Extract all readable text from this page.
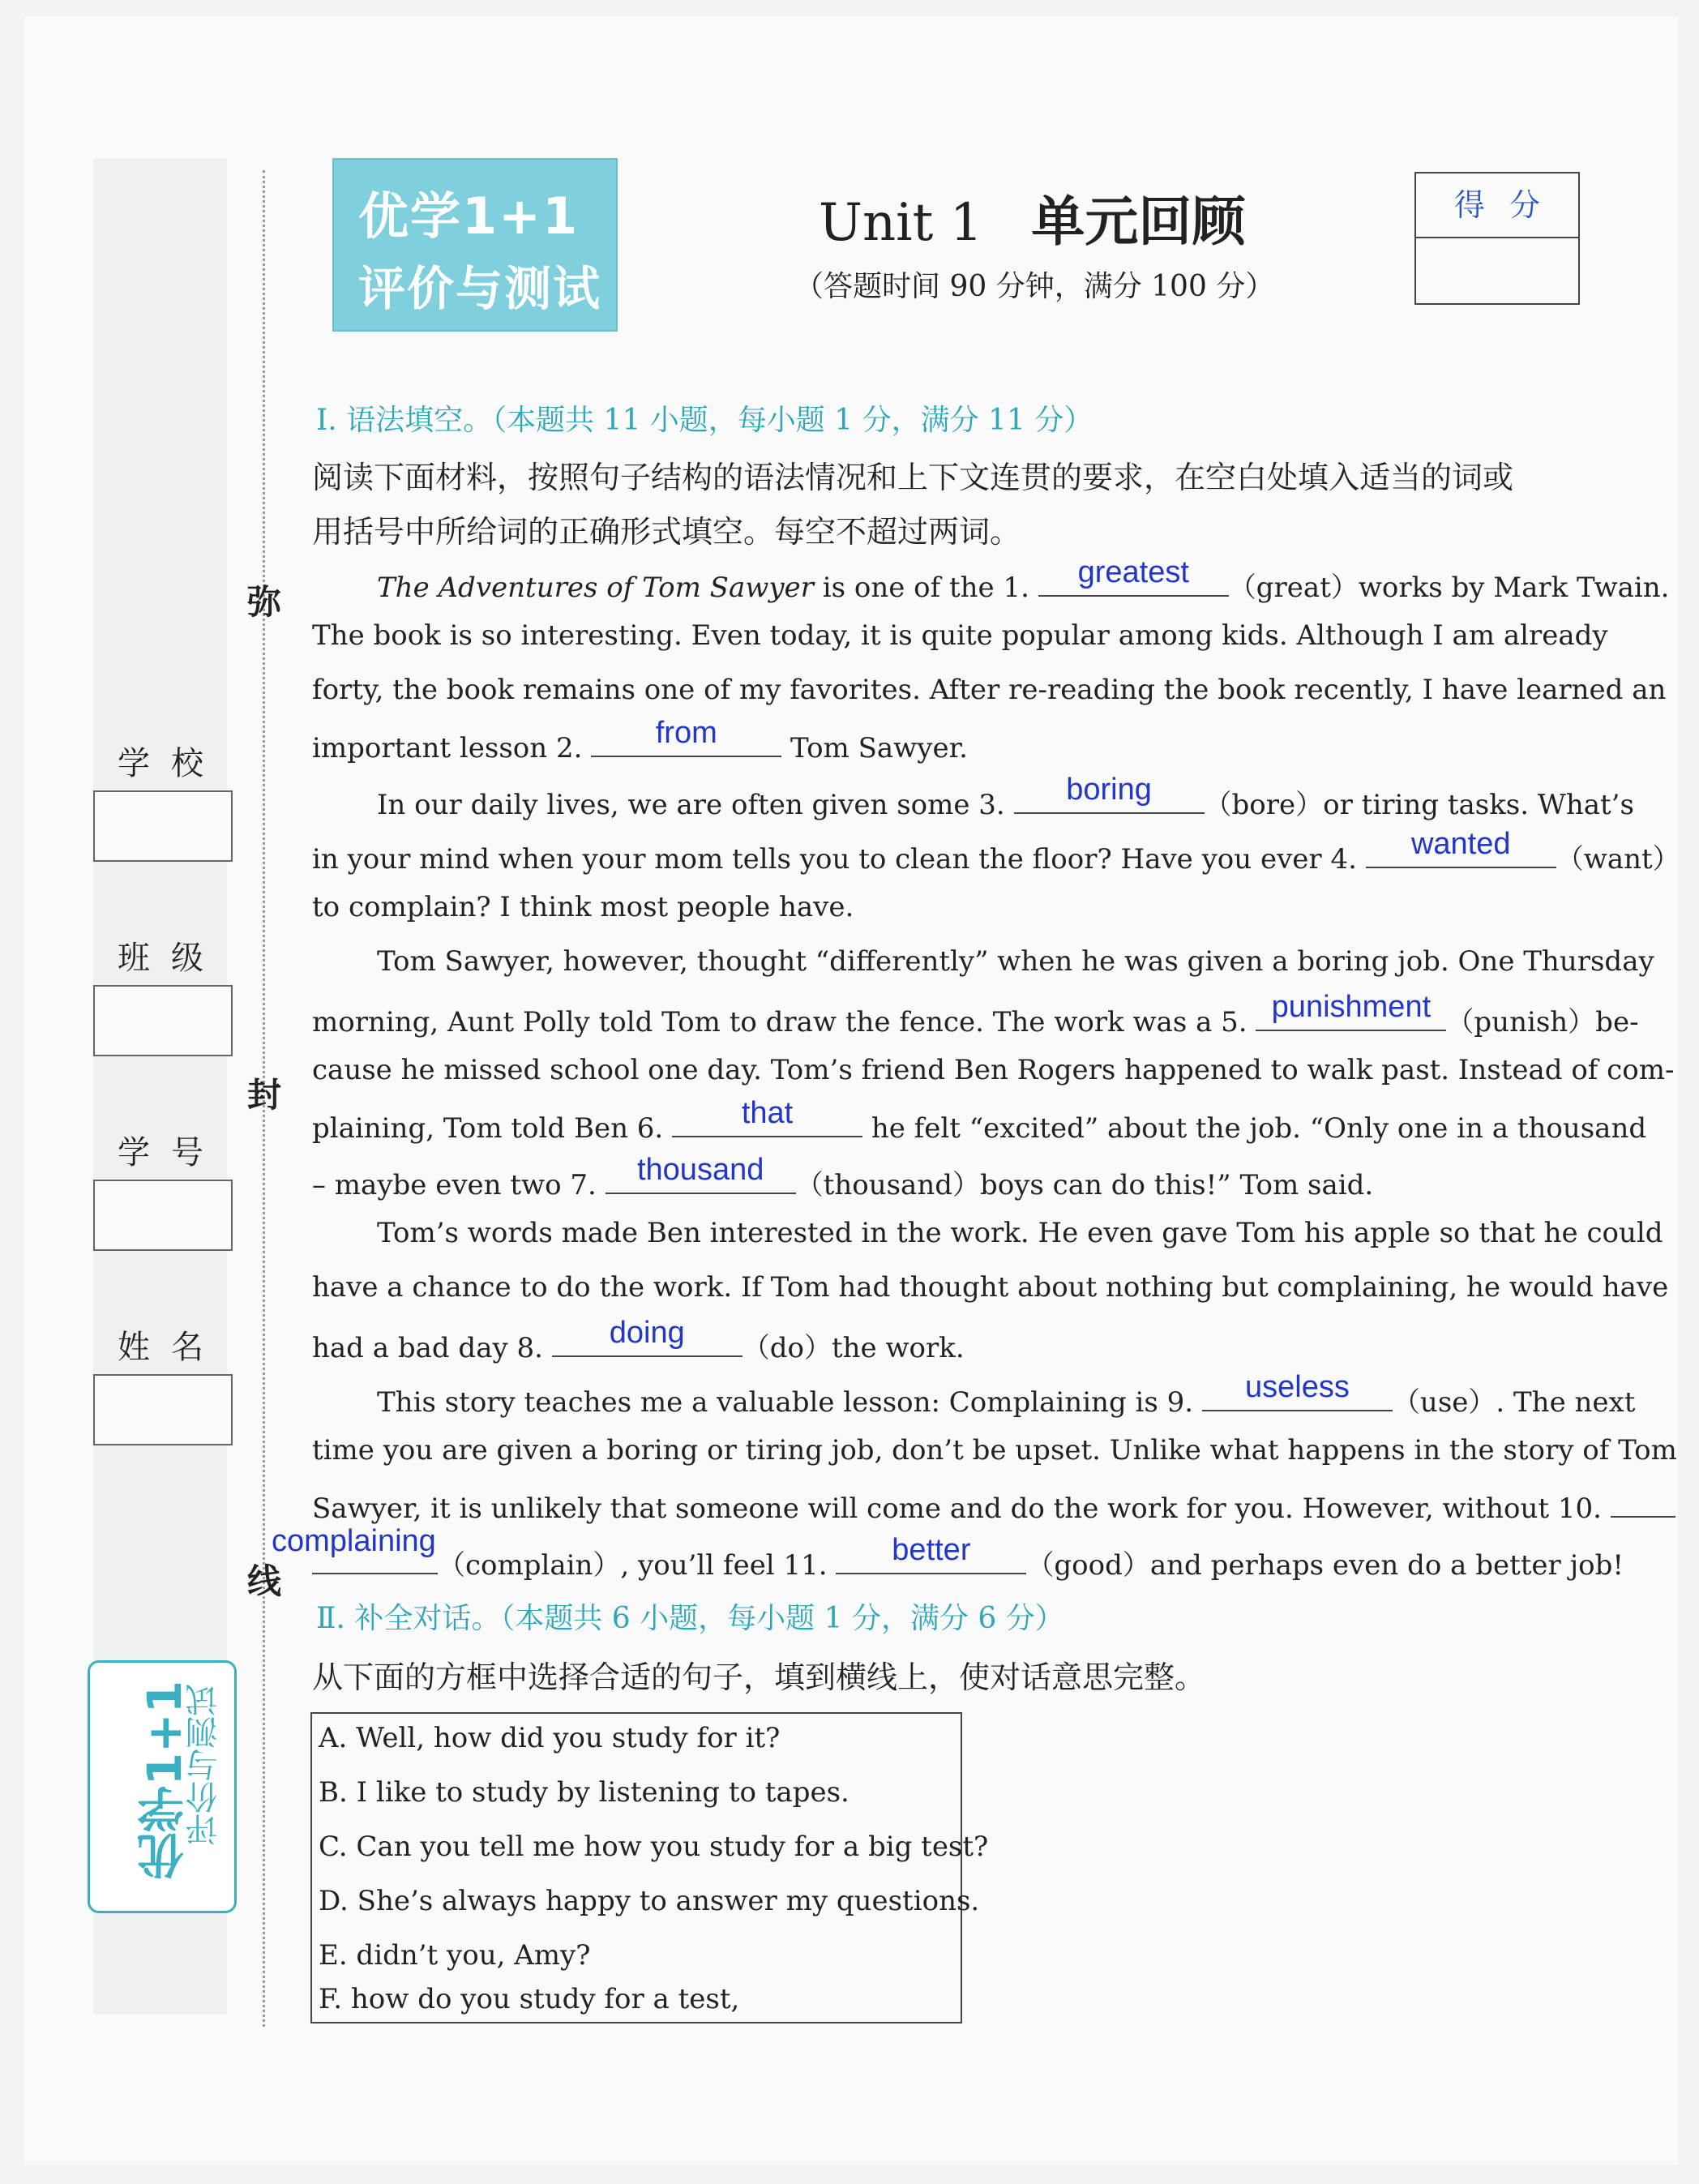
弥
封
线
学校
班级
学号
姓名
优学1+1
评价与测试
优学1+1
评价与测试
Unit 1 单元回顾
（答题时间 90 分钟，满分 100 分）
得分
Ⅰ. 语法填空。（本题共 11 小题，每小题 1 分，满分 11 分）
阅读下面材料，按照句子结构的语法情况和上下文连贯的要求，在空白处填入适当的词或
用括号中所给词的正确形式填空。每空不超过两词。
The Adventures of Tom Sawyer is one of the 1.	greatest	（great）works by Mark Twain.
The book is so interesting. Even today, it is quite popular among kids. Although I am already
forty, the book remains one of my favorites. After re-reading the book recently, I have learned an
important lesson 2.	from	Tom Sawyer.
In our daily lives, we are often given some 3.	boring	（bore）or tiring tasks. What’s
in your mind when your mom tells you to clean the floor? Have you ever 4.	wanted	（want）
to complain? I think most people have.
Tom Sawyer, however, thought “differently” when he was given a boring job. One Thursday
morning, Aunt Polly told Tom to draw the fence. The work was a 5. punishment （punish）be-
cause he missed school one day. Tom’s friend Ben Rogers happened to walk past. Instead of com-
plaining, Tom told Ben 6.	that	he felt “excited” about the job. “Only one in a thousand
– maybe even two 7.	thousand	（thousand）boys can do this!” Tom said.
Tom’s words made Ben interested in the work. He even gave Tom his apple so that he could
have a chance to do the work. If Tom had thought about nothing but complaining, he would have
had a bad day 8.	doing	（do）the work.
This story teaches me a valuable lesson: Complaining is 9.	useless	（use）. The next
time you are given a boring or tiring job, don’t be upset. Unlike what happens in the story of Tom
Sawyer, it is unlikely that someone will come and do the work for you. However, without 10.
complaining
（complain）, you’ll feel 11.	better	（good）and perhaps even do a better job!
Ⅱ. 补全对话。（本题共 6 小题，每小题 1 分，满分 6 分）
从下面的方框中选择合适的句子，填到横线上，使对话意思完整。
A. Well, how did you study for it?
B. I like to study by listening to tapes.
C. Can you tell me how you study for a big test?
D. She’s always happy to answer my questions.
E. didn’t you, Amy?
F. how do you study for a test,
